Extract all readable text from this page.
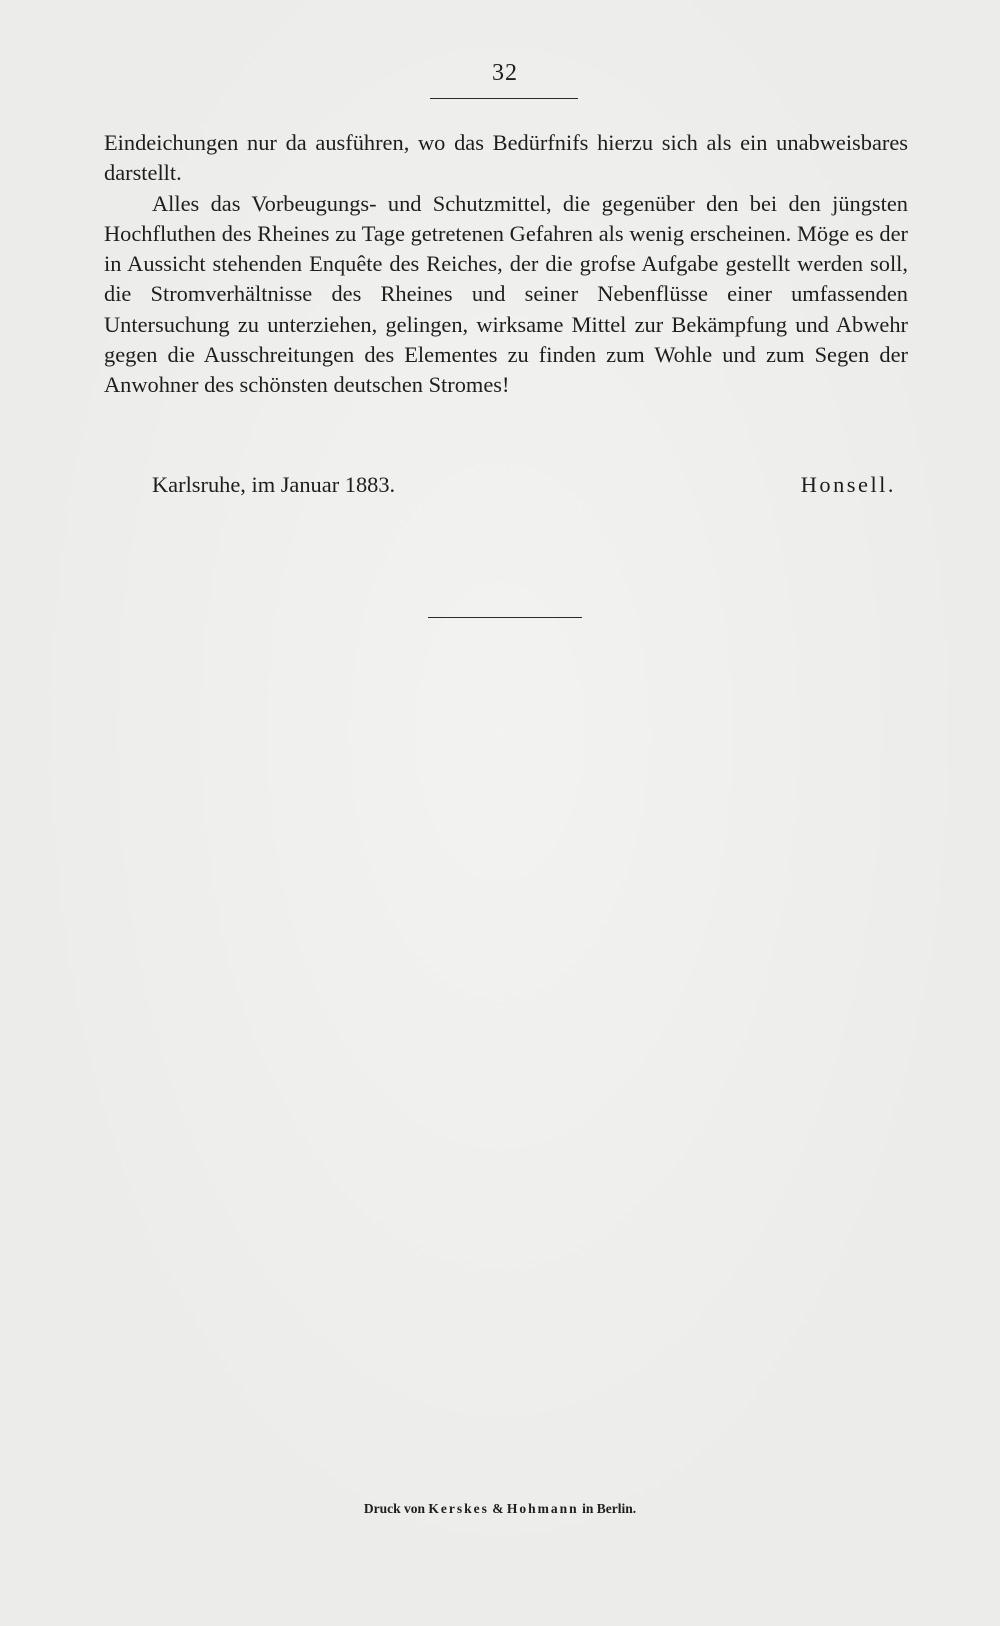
32

Eindeichungen nur da ausführen, wo das Bedürfnifs hierzu sich als ein unabweisbares darstellt.

Alles das Vorbeugungs- und Schutzmittel, die gegenüber den bei den jüngsten Hochfluthen des Rheines zu Tage getretenen Gefahren als wenig erscheinen. Möge es der in Aussicht stehenden Enquête des Reiches, der die grofse Aufgabe gestellt werden soll, die Stromverhältnisse des Rheines und seiner Nebenflüsse einer umfassenden Untersuchung zu unterziehen, gelingen, wirksame Mittel zur Bekämpfung und Abwehr gegen die Ausschreitungen des Elementes zu finden zum Wohle und zum Segen der Anwohner des schönsten deutschen Stromes!

Karlsruhe, im Januar 1883.	Honsell.
Druck von Kerskes & Hohmann in Berlin.
